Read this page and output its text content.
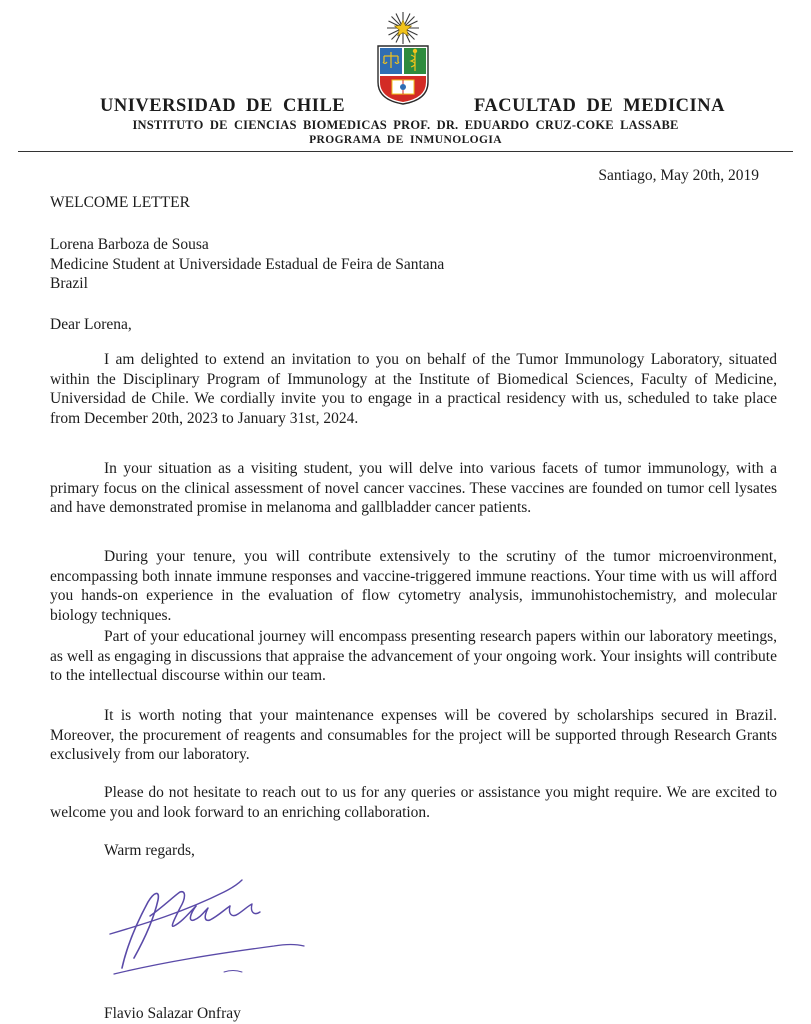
UNIVERSIDAD DE CHILE	FACULTAD DE MEDICINA
INSTITUTO DE CIENCIAS BIOMEDICAS PROF. DR. EDUARDO CRUZ-COKE LASSABE
PROGRAMA DE INMUNOLOGIA
Santiago, May 20th, 2019
WELCOME LETTER
Lorena Barboza de Sousa
Medicine Student at Universidade Estadual de Feira de Santana
Brazil
Dear Lorena,

I am delighted to extend an invitation to you on behalf of the Tumor Immunology Laboratory, situated within the Disciplinary Program of Immunology at the Institute of Biomedical Sciences, Faculty of Medicine, Universidad de Chile. We cordially invite you to engage in a practical residency with us, scheduled to take place from December 20th, 2023 to January 31st, 2024.

In your situation as a visiting student, you will delve into various facets of tumor immunology, with a primary focus on the clinical assessment of novel cancer vaccines. These vaccines are founded on tumor cell lysates and have demonstrated promise in melanoma and gallbladder cancer patients.

During your tenure, you will contribute extensively to the scrutiny of the tumor microenvironment, encompassing both innate immune responses and vaccine-triggered immune reactions. Your time with us will afford you hands-on experience in the evaluation of flow cytometry analysis, immunohistochemistry, and molecular biology techniques.

Part of your educational journey will encompass presenting research papers within our laboratory meetings, as well as engaging in discussions that appraise the advancement of your ongoing work. Your insights will contribute to the intellectual discourse within our team.

It is worth noting that your maintenance expenses will be covered by scholarships secured in Brazil. Moreover, the procurement of reagents and consumables for the project will be supported through Research Grants exclusively from our laboratory.

Please do not hesitate to reach out to us for any queries or assistance you might require. We are excited to welcome you and look forward to an enriching collaboration.

Warm regards,
Flavio Salazar Onfray
